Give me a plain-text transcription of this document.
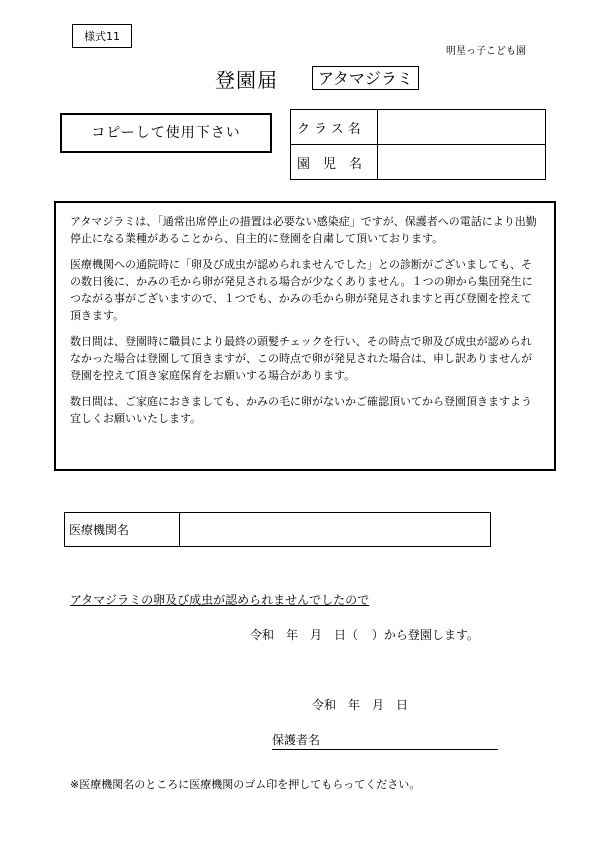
様式11
明星っ子こども園
登園届	アタマジラミ
コピーして使用下さい	クラス名	
園児名	

アタマジラミは、「通常出席停止の措置は必要ない感染症」ですが、保護者への電話により出勤停止になる業種があることから、自主的に登園を自粛して頂いております。

医療機関への通院時に「卵及び成虫が認められませんでした」との診断がございましても、その数日後に、かみの毛から卵が発見される場合が少なくありません。１つの卵から集団発生につながる事がございますので、１つでも、かみの毛から卵が発見されますと再び登園を控えて頂きます。

数日間は、登園時に職員により最終の頭髪チェックを行い、その時点で卵及び成虫が認められなかった場合は登園して頂きますが、この時点で卵が発見された場合は、申し訳ありませんが登園を控えて頂き家庭保育をお願いする場合があります。

数日間は、ご家庭におきましても、かみの毛に卵がないかご確認頂いてから登園頂きますよう宜しくお願いいたします。

医療機関名	
アタマジラミの卵及び成虫が認められませんでしたので
令和　年　月　日（ ）から登園します。
令和　年　月　日
保護者名
※医療機関名のところに医療機関のゴム印を押してもらってください。
